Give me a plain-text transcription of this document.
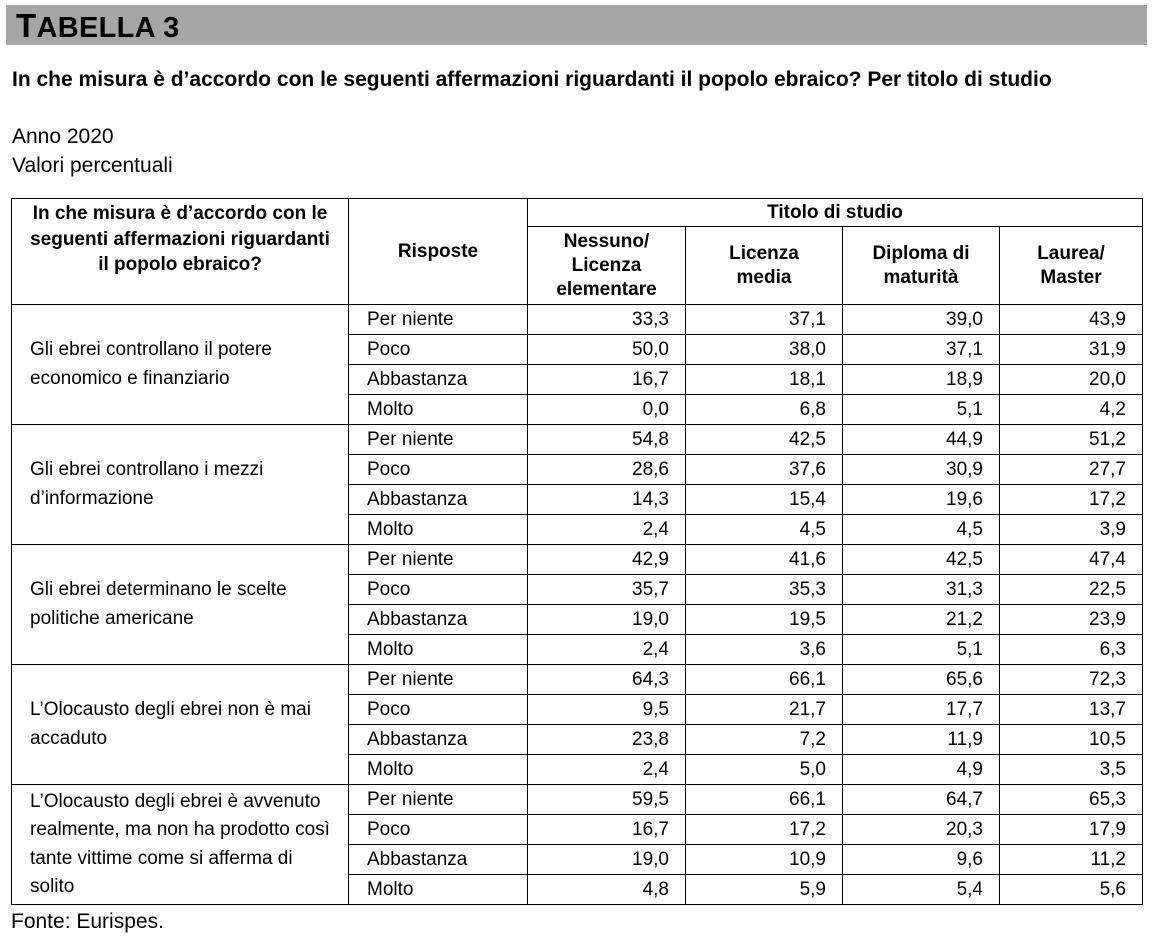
TABELLA 3
In che misura è d’accordo con le seguenti affermazioni riguardanti il popolo ebraico? Per titolo di studio
Anno 2020
Valori percentuali
In che misura è d’accordo con le seguenti affermazioni riguardanti il popolo ebraico?	Risposte	Titolo di studio			
		Nessuno/ Licenza elementare	Licenza media	Diploma di maturità	Laurea/ Master
Gli ebrei controllano il potere economico e finanziario	Per niente	33,3	37,1	39,0	43,9
	Poco	50,0	38,0	37,1	31,9
	Abbastanza	16,7	18,1	18,9	20,0
	Molto	0,0	6,8	5,1	4,2
Gli ebrei controllano i mezzi d’informazione	Per niente	54,8	42,5	44,9	51,2
	Poco	28,6	37,6	30,9	27,7
	Abbastanza	14,3	15,4	19,6	17,2
	Molto	2,4	4,5	4,5	3,9
Gli ebrei determinano le scelte politiche americane	Per niente	42,9	41,6	42,5	47,4
	Poco	35,7	35,3	31,3	22,5
	Abbastanza	19,0	19,5	21,2	23,9
	Molto	2,4	3,6	5,1	6,3
L’Olocausto degli ebrei non è mai accaduto	Per niente	64,3	66,1	65,6	72,3
	Poco	9,5	21,7	17,7	13,7
	Abbastanza	23,8	7,2	11,9	10,5
	Molto	2,4	5,0	4,9	3,5
L’Olocausto degli ebrei è avvenuto realmente, ma non ha prodotto così tante vittime come si afferma di solito	Per niente	59,5	66,1	64,7	65,3
	Poco	16,7	17,2	20,3	17,9
	Abbastanza	19,0	10,9	9,6	11,2
	Molto	4,8	5,9	5,4	5,6
Fonte: Eurispes.
